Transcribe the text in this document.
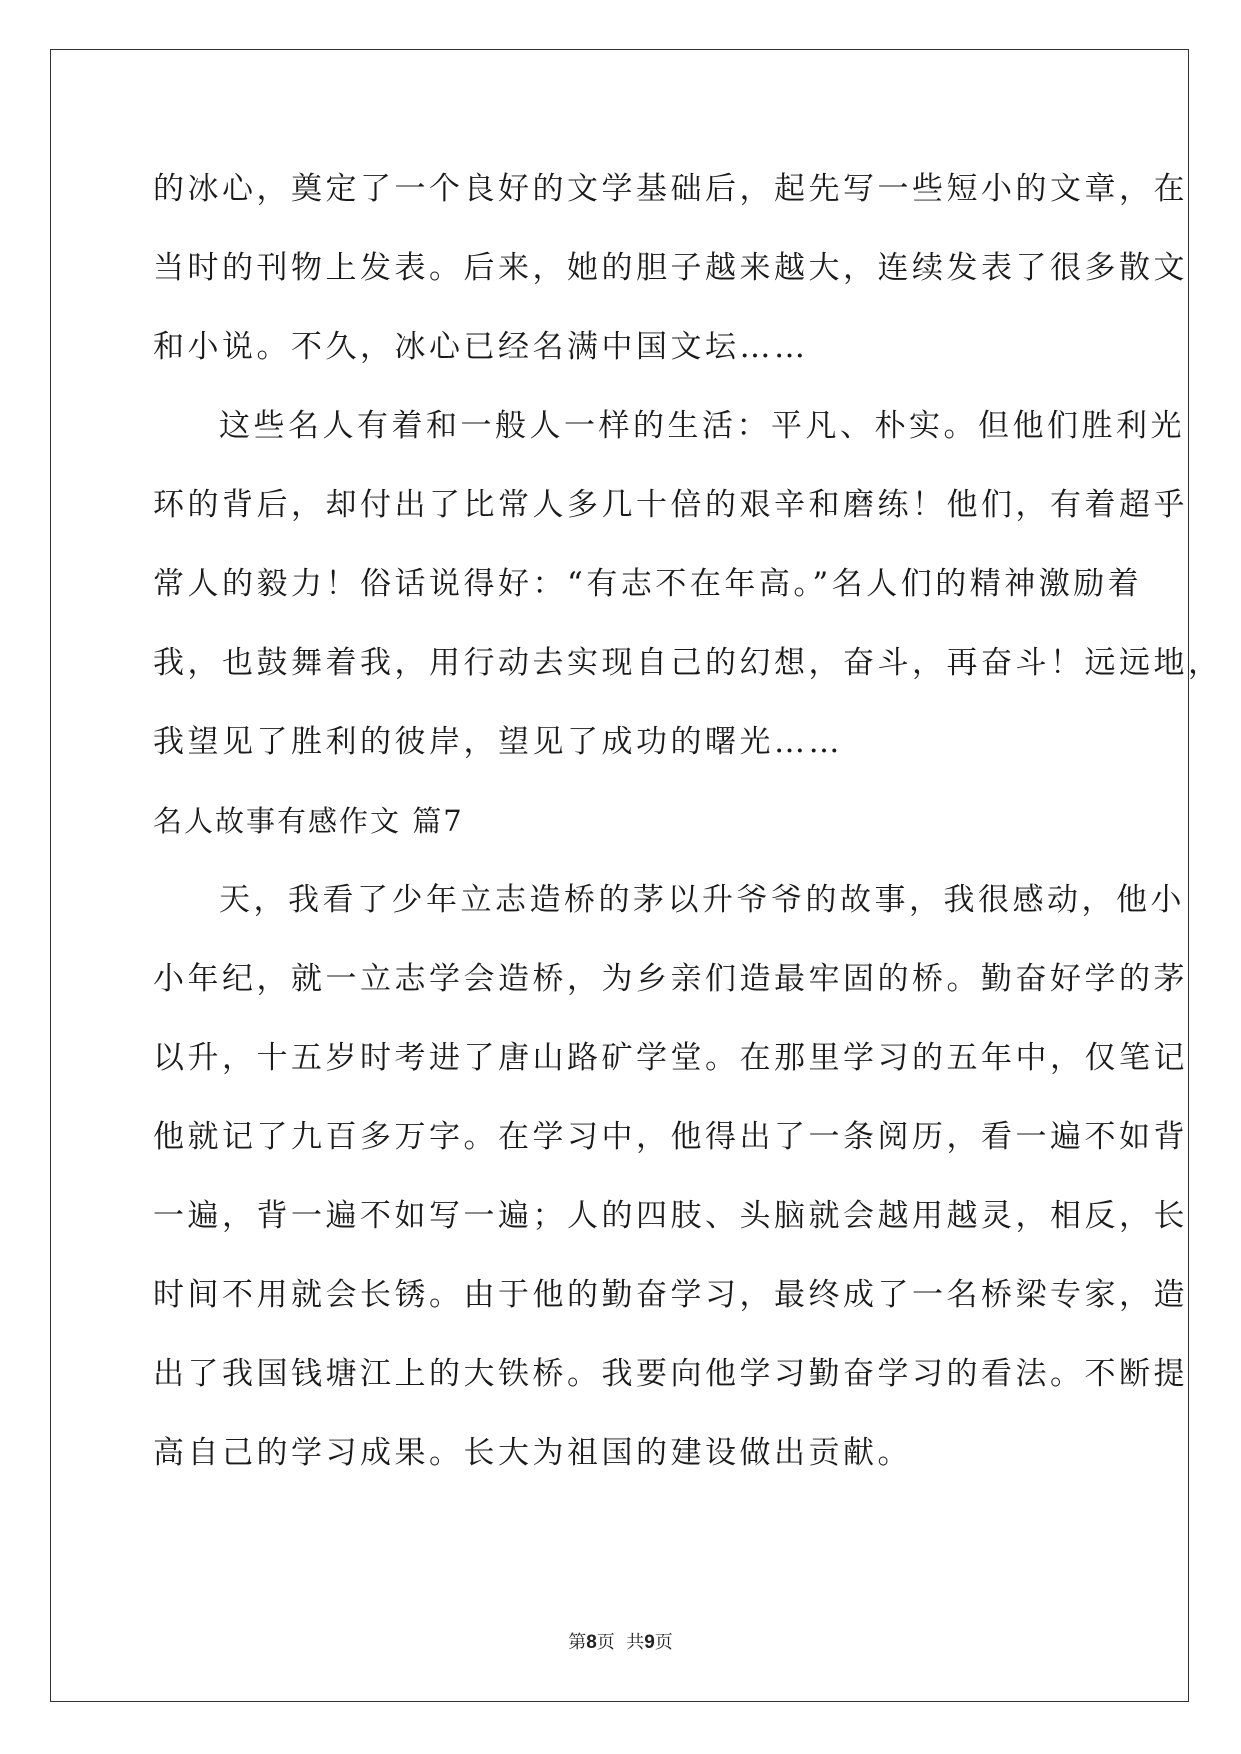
的冰心，奠定了一个良好的文学基础后，起先写一些短小的文章，在
当时的刊物上发表。后来，她的胆子越来越大，连续发表了很多散文
和小说。不久，冰心已经名满中国文坛……
这些名人有着和一般人一样的生活：平凡、朴实。但他们胜利光
环的背后，却付出了比常人多几十倍的艰辛和磨练！他们，有着超乎
常人的毅力！俗话说得好：“有志不在年高。”名人们的精神激励着
我，也鼓舞着我，用行动去实现自己的幻想，奋斗，再奋斗！远远地，
我望见了胜利的彼岸，望见了成功的曙光……
名人故事有感作文 篇7
天，我看了少年立志造桥的茅以升爷爷的故事，我很感动，他小
小年纪，就一立志学会造桥，为乡亲们造最牢固的桥。勤奋好学的茅
以升，十五岁时考进了唐山路矿学堂。在那里学习的五年中，仅笔记
他就记了九百多万字。在学习中，他得出了一条阅历，看一遍不如背
一遍，背一遍不如写一遍；人的四肢、头脑就会越用越灵，相反，长
时间不用就会长锈。由于他的勤奋学习，最终成了一名桥梁专家，造
出了我国钱塘江上的大铁桥。我要向他学习勤奋学习的看法。不断提
高自己的学习成果。长大为祖国的建设做出贡献。
第8页  共9页
